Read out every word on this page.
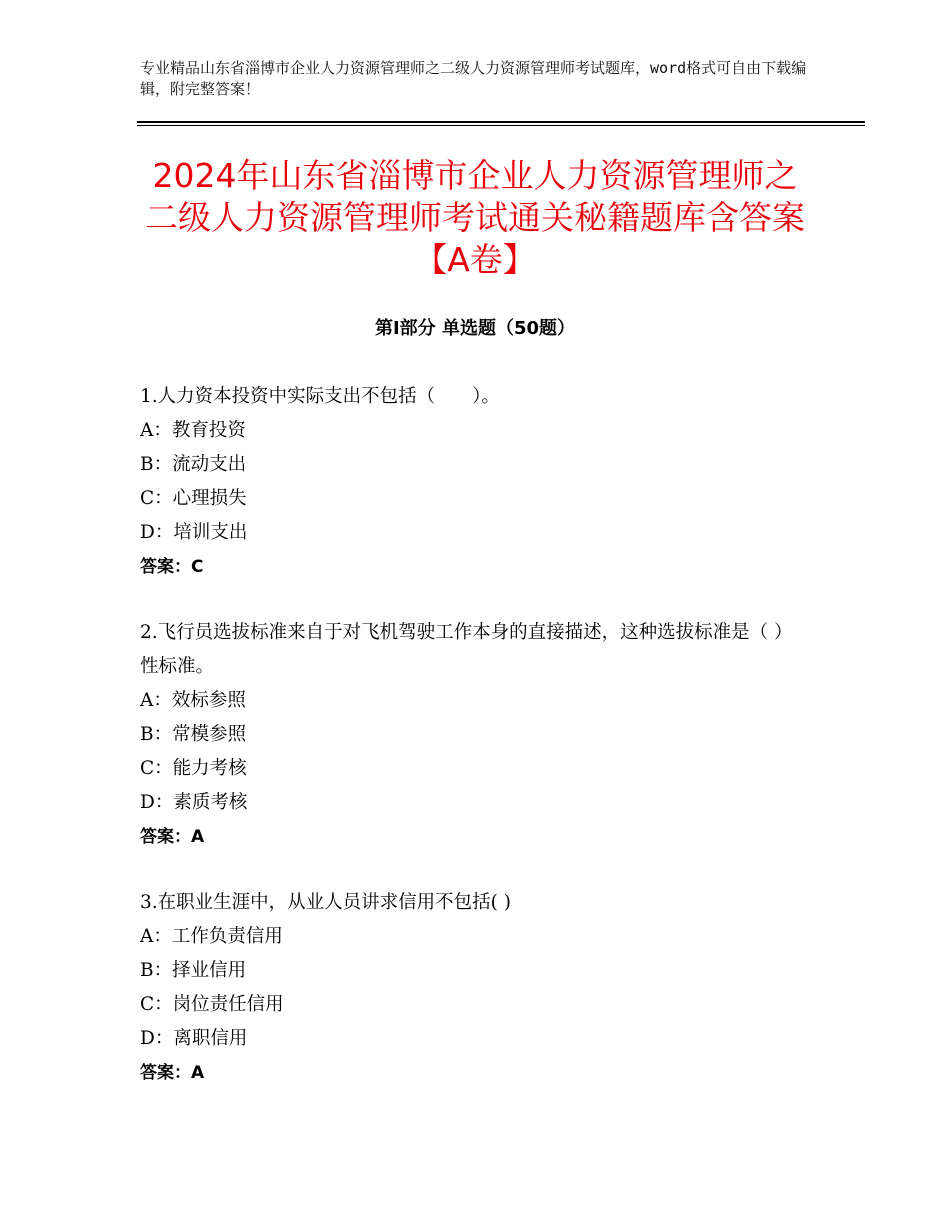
专业精品山东省淄博市企业人力资源管理师之二级人力资源管理师考试题库，word格式可自由下载编辑，附完整答案！
2024年山东省淄博市企业人力资源管理师之二级人力资源管理师考试通关秘籍题库含答案【A卷】
第Ⅰ部分 单选题（50题）

1.人力资本投资中实际支出不包括（　　）。

A：教育投资

B：流动支出

C：心理损失

D：培训支出

答案：C

2.飞行员选拔标准来自于对飞机驾驶工作本身的直接描述，这种选拔标准是（ ）性标准。

A：效标参照

B：常模参照

C：能力考核

D：素质考核

答案：A

3.在职业生涯中，从业人员讲求信用不包括( )

A：工作负责信用

B：择业信用

C：岗位责任信用

D：离职信用

答案：A
